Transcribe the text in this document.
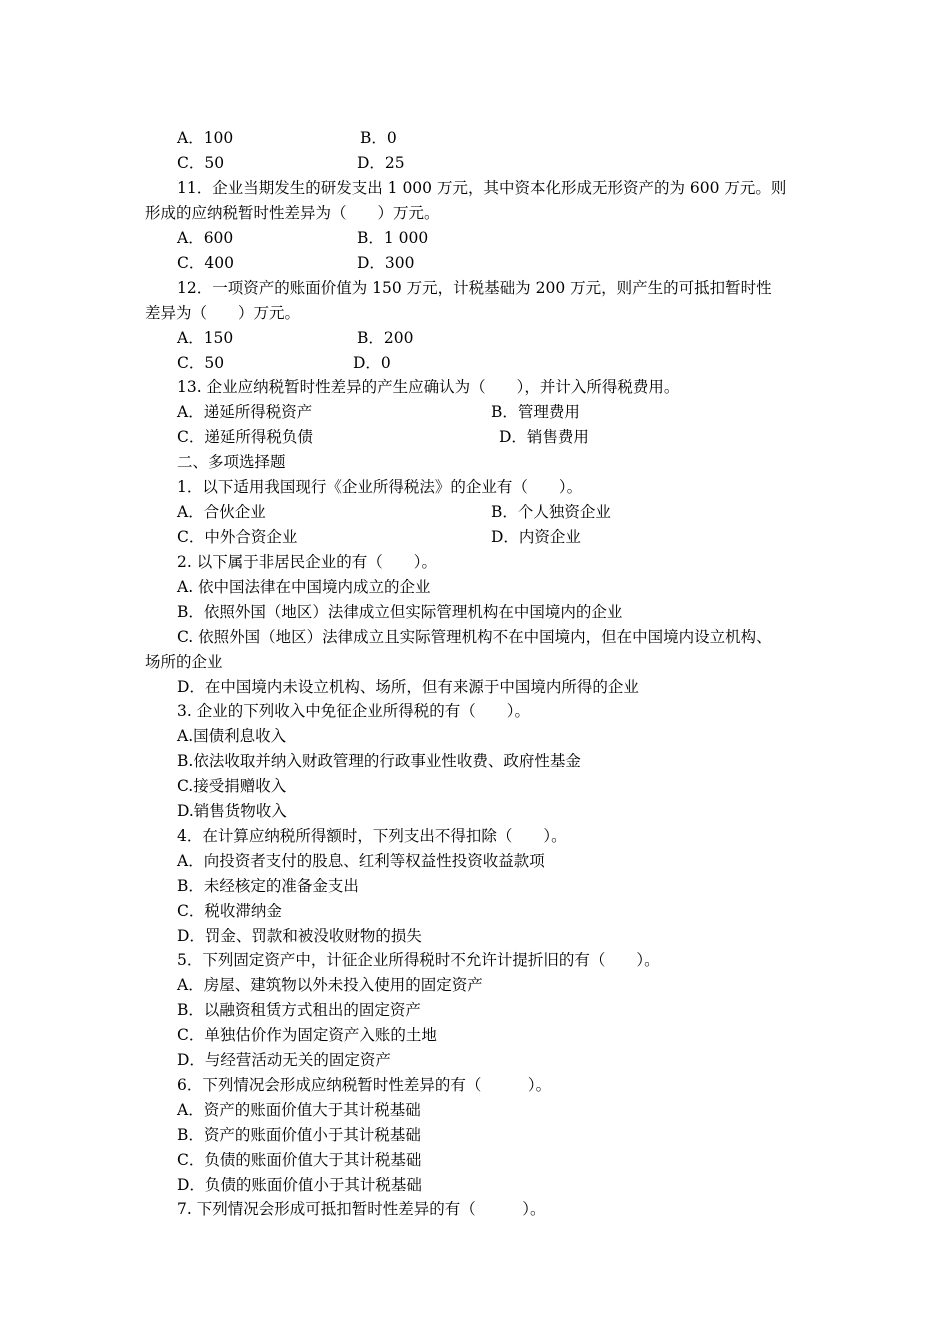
A．100	B．0
C．50	D．25
11．企业当期发生的研发支出 1 000 万元，其中资本化形成无形资产的为 600 万元。则
形成的应纳税暂时性差异为（　　）万元。
A．600	B．1 000
C．400	D．300
12．一项资产的账面价值为 150 万元，计税基础为 200 万元，则产生的可抵扣暂时性
差异为（　　）万元。
A．150	B．200
C．50	D．0
13. 企业应纳税暂时性差异的产生应确认为（　　），并计入所得税费用。
A．递延所得税资产	B．管理费用
C．递延所得税负债	D．销售费用
二、多项选择题
1．以下适用我国现行《企业所得税法》的企业有（　　）。
A．合伙企业	B．个人独资企业
C．中外合资企业	D．内资企业
2. 以下属于非居民企业的有（　　）。
A. 依中国法律在中国境内成立的企业
B．依照外国（地区）法律成立但实际管理机构在中国境内的企业
C. 依照外国（地区）法律成立且实际管理机构不在中国境内，但在中国境内设立机构、
场所的企业
D．在中国境内未设立机构、场所，但有来源于中国境内所得的企业
3. 企业的下列收入中免征企业所得税的有（　　）。
A.国债利息收入
B.依法收取并纳入财政管理的行政事业性收费、政府性基金
C.接受捐赠收入
D.销售货物收入
4．在计算应纳税所得额时，下列支出不得扣除（　　）。
A．向投资者支付的股息、红利等权益性投资收益款项
B．未经核定的准备金支出
C．税收滞纳金
D．罚金、罚款和被没收财物的损失
5．下列固定资产中，计征企业所得税时不允许计提折旧的有（　　）。
A．房屋、建筑物以外未投入使用的固定资产
B．以融资租赁方式租出的固定资产
C．单独估价作为固定资产入账的土地
D．与经营活动无关的固定资产
6．下列情况会形成应纳税暂时性差异的有（　　　）。
A．资产的账面价值大于其计税基础
B．资产的账面价值小于其计税基础
C．负债的账面价值大于其计税基础
D．负债的账面价值小于其计税基础
7. 下列情况会形成可抵扣暂时性差异的有（　　　）。
